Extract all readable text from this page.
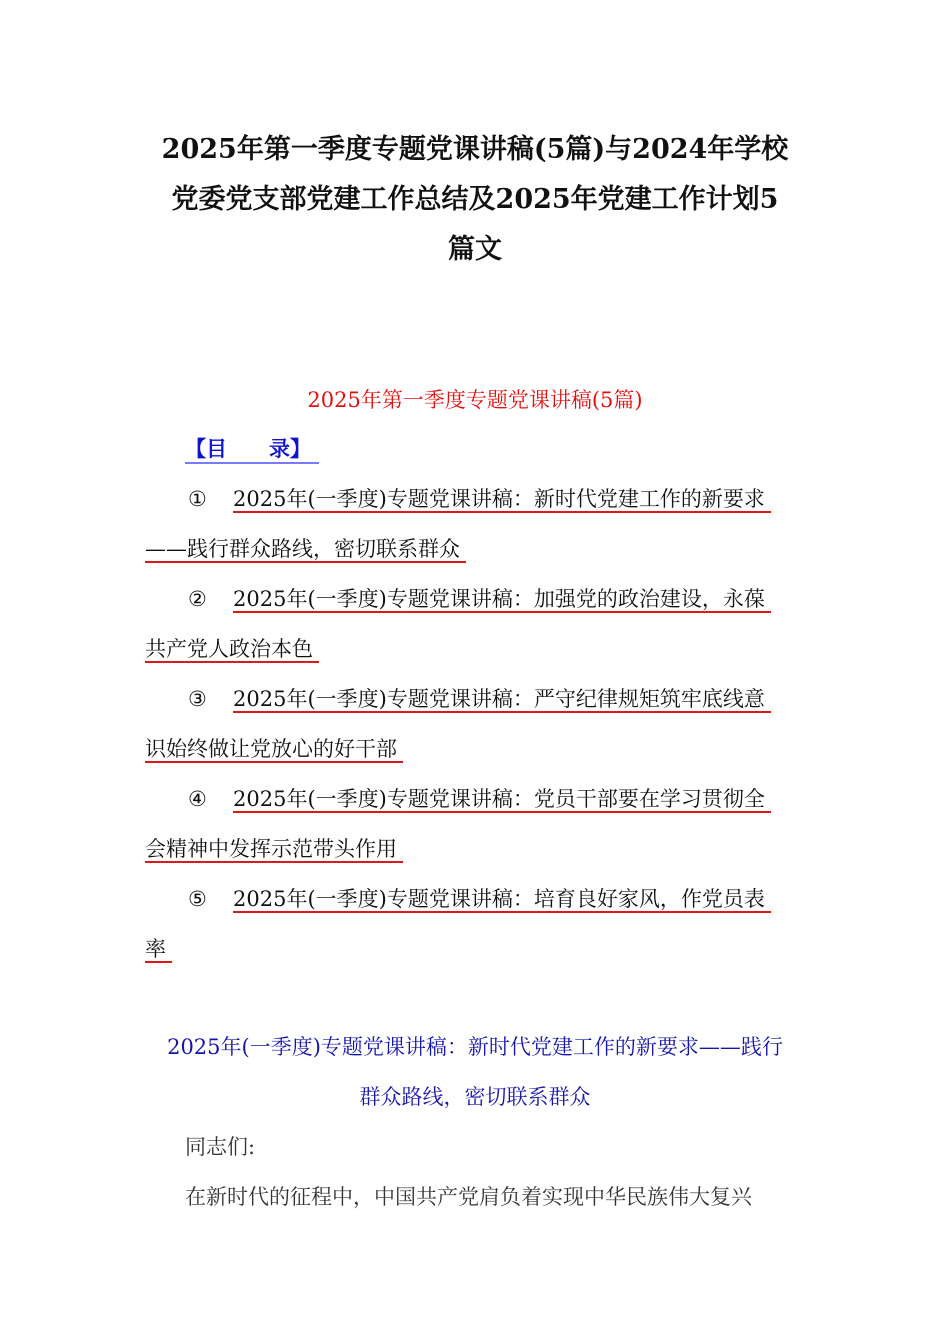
2025年第一季度专题党课讲稿(5篇)与2024年学校
党委党支部党建工作总结及2025年党建工作计划5
篇文
2025年第一季度专题党课讲稿(5篇)
【目　　录】
① 2025年(一季度)专题党课讲稿：新时代党建工作的新要求
——践行群众路线，密切联系群众
② 2025年(一季度)专题党课讲稿：加强党的政治建设，永葆
共产党人政治本色
③ 2025年(一季度)专题党课讲稿：严守纪律规矩筑牢底线意
识始终做让党放心的好干部
④ 2025年(一季度)专题党课讲稿：党员干部要在学习贯彻全
会精神中发挥示范带头作用
⑤ 2025年(一季度)专题党课讲稿：培育良好家风，作党员表
率
2025年(一季度)专题党课讲稿：新时代党建工作的新要求——践行
群众路线，密切联系群众
同志们:
在新时代的征程中，中国共产党肩负着实现中华民族伟大复兴
